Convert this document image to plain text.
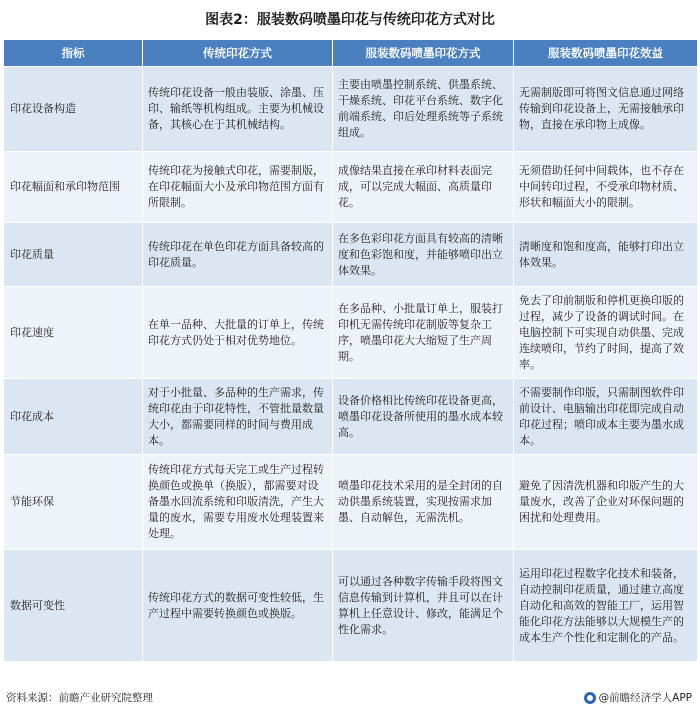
图表2：服装数码喷墨印花与传统印花方式对比
指标	传统印花方式	服装数码喷墨印花方式	服装数码喷墨印花效益
印花设备构造	传统印花设备一般由装版、涂墨、压印、输纸等机构组成。主要为机械设备，其核心在于其机械结构。	主要由喷墨控制系统、供墨系统、干燥系统、印花平台系统、数字化前端系统、印后处理系统等子系统组成。	无需制版即可将图文信息通过网络传输到印花设备上，无需接触承印物，直接在承印物上成像。
印花幅面和承印物范围	传统印花为接触式印花，需要制版，在印花幅面大小及承印物范围方面有所限制。	成像结果直接在承印材料表面完成，可以完成大幅面、高质量印花。	无须借助任何中间载体，也不存在中间转印过程，不受承印物材质、形状和幅面大小的限制。
印花质量	传统印花在单色印花方面具备较高的印花质量。	在多色彩印花方面具有较高的清晰度和色彩饱和度，并能够喷印出立体效果。	清晰度和饱和度高，能够打印出立体效果。
印花速度	在单一品种、大批量的订单上，传统印花方式仍处于相对优势地位。	在多品种、小批量订单上，服装打印机无需传统印花制版等复杂工序，喷墨印花大大缩短了生产周期。	免去了印前制版和停机更换印版的过程，减少了设备的调试时间。在电脑控制下可实现自动供墨、完成连续喷印，节约了时间，提高了效率。
印花成本	对于小批量、多品种的生产需求，传统印花由于印花特性，不管批量数量大小，都需要同样的时间与费用成本。	设备价格相比传统印花设备更高，喷墨印花设备所使用的墨水成本较高。	不需要制作印版，只需制图软件印前设计、电脑输出印花即完成自动印花过程；喷印成本主要为墨水成本。
节能环保	传统印花方式每天完工或生产过程转换颜色或换单（换版），都需要对设备墨水回流系统和印版清洗，产生大量的废水，需要专用废水处理装置来处理。	喷墨印花技术采用的是全封闭的自动供墨系统装置，实现按需求加墨、自动解色，无需洗机。	避免了因清洗机器和印版产生的大量废水，改善了企业对环保问题的困扰和处理费用。
数据可变性	传统印花方式的数据可变性较低，生产过程中需要转换颜色或换版。	可以通过各种数字传输手段将图文信息传输到计算机，并且可以在计算机上任意设计、修改，能满足个性化需求。	运用印花过程数字化技术和装备，自动控制印花质量，通过建立高度自动化和高效的智能工厂，运用智能化印花方法能够以大规模生产的成本生产个性化和定制化的产品。
资料来源：前瞻产业研究院整理	@前瞻经济学人APP
